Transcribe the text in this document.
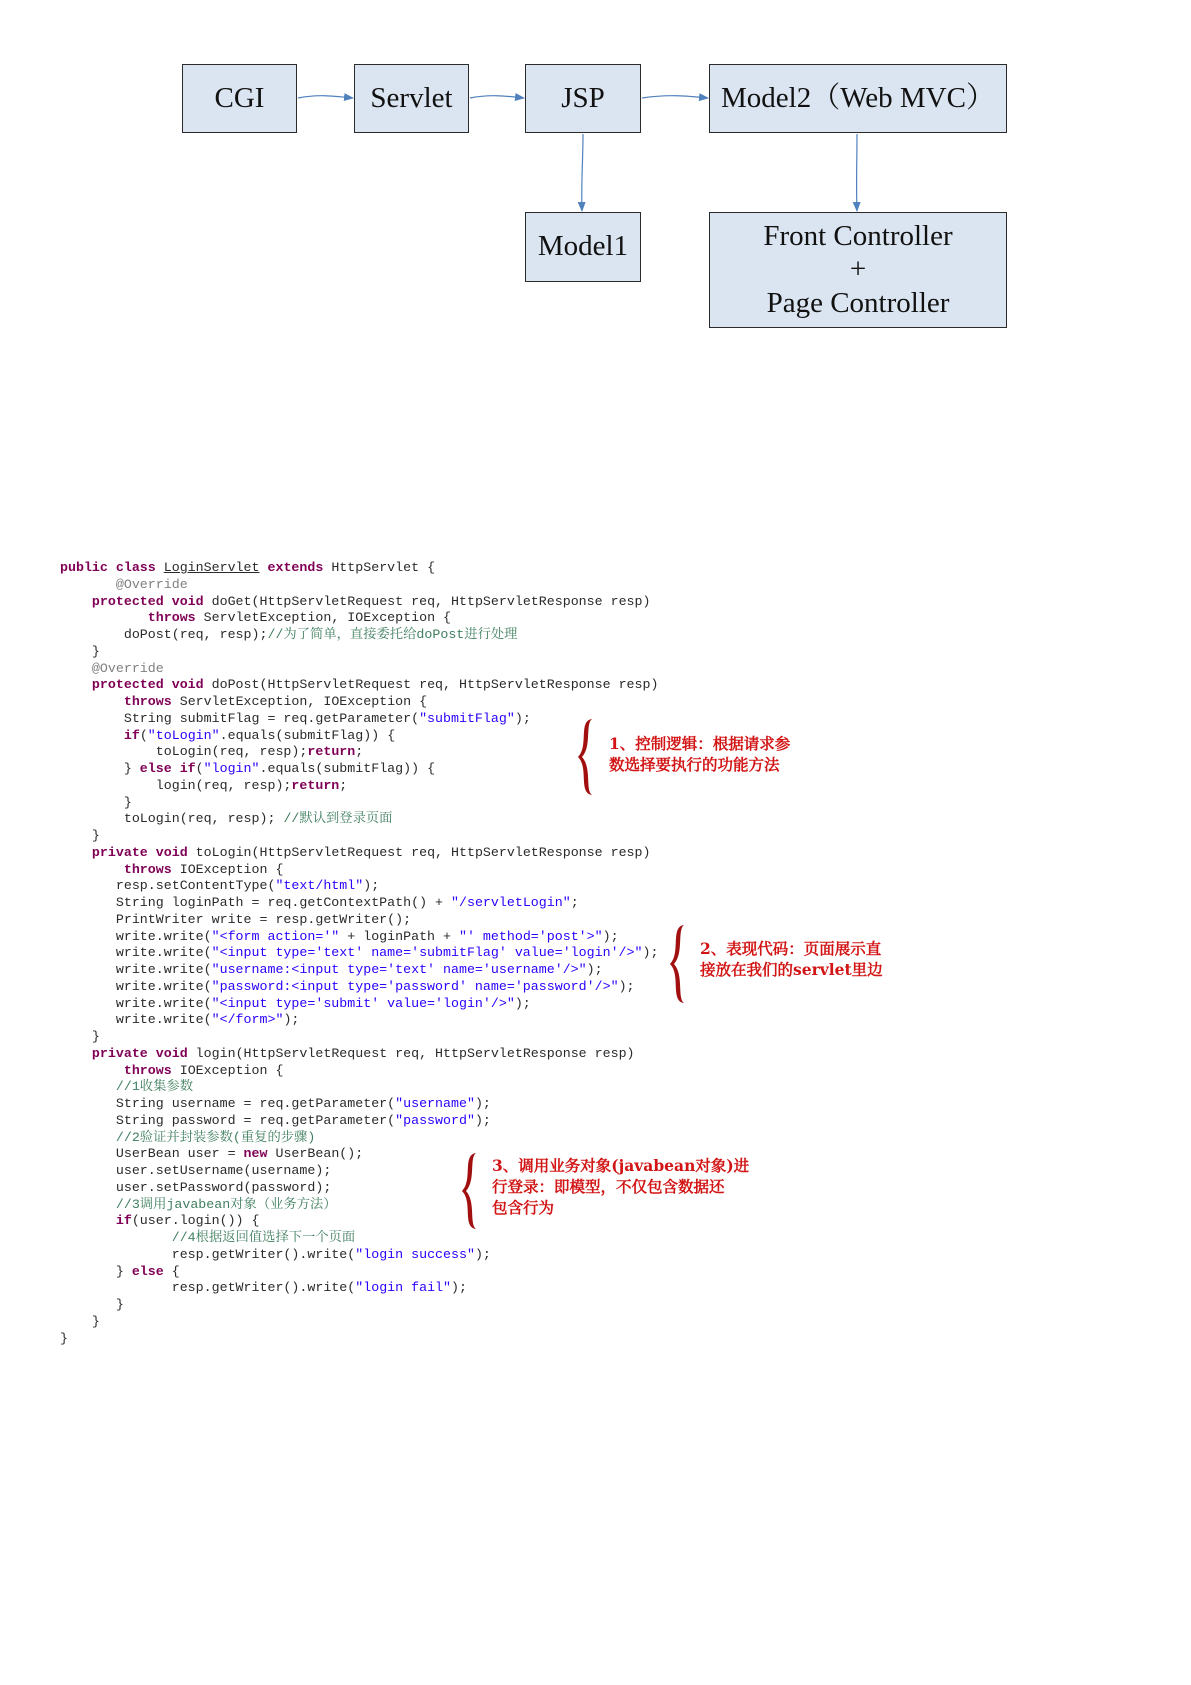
CGI	Servlet	JSP	Model2（Web MVC）
Model1	Front Controller
+
Page Controller
public class LoginServlet extends HttpServlet {
@Override
protected void doGet(HttpServletRequest req, HttpServletResponse resp)
throws ServletException, IOException {
doPost(req, resp);//为了简单，直接委托给doPost进行处理
}
@Override
protected void doPost(HttpServletRequest req, HttpServletResponse resp)
throws ServletException, IOException {
String submitFlag = req.getParameter("submitFlag");
if("toLogin".equals(submitFlag)) {
toLogin(req, resp);return;
} else if("login".equals(submitFlag)) {
login(req, resp);return;
}
toLogin(req, resp); //默认到登录页面
}
private void toLogin(HttpServletRequest req, HttpServletResponse resp)
throws IOException {
resp.setContentType("text/html");
String loginPath = req.getContextPath() + "/servletLogin";
PrintWriter write = resp.getWriter();
write.write("<form action='" + loginPath + "' method='post'>");
write.write("<input type='text' name='submitFlag' value='login'/>");
write.write("username:<input type='text' name='username'/>");
write.write("password:<input type='password' name='password'/>");
write.write("<input type='submit' value='login'/>");
write.write("</form>");
}
private void login(HttpServletRequest req, HttpServletResponse resp)
throws IOException {
//1收集参数
String username = req.getParameter("username");
String password = req.getParameter("password");
//2验证并封装参数(重复的步骤)
UserBean user = new UserBean();
user.setUsername(username);
user.setPassword(password);
//3调用javabean对象（业务方法）
if(user.login()) {
//4根据返回值选择下一个页面
resp.getWriter().write("login success");
} else {
resp.getWriter().write("login fail");
}
}
}
1、控制逻辑：根据请求参
数选择要执行的功能方法
2、表现代码：页面展示直
接放在我们的servlet里边
3、调用业务对象(javabean对象)进
行登录：即模型，不仅包含数据还
包含行为
